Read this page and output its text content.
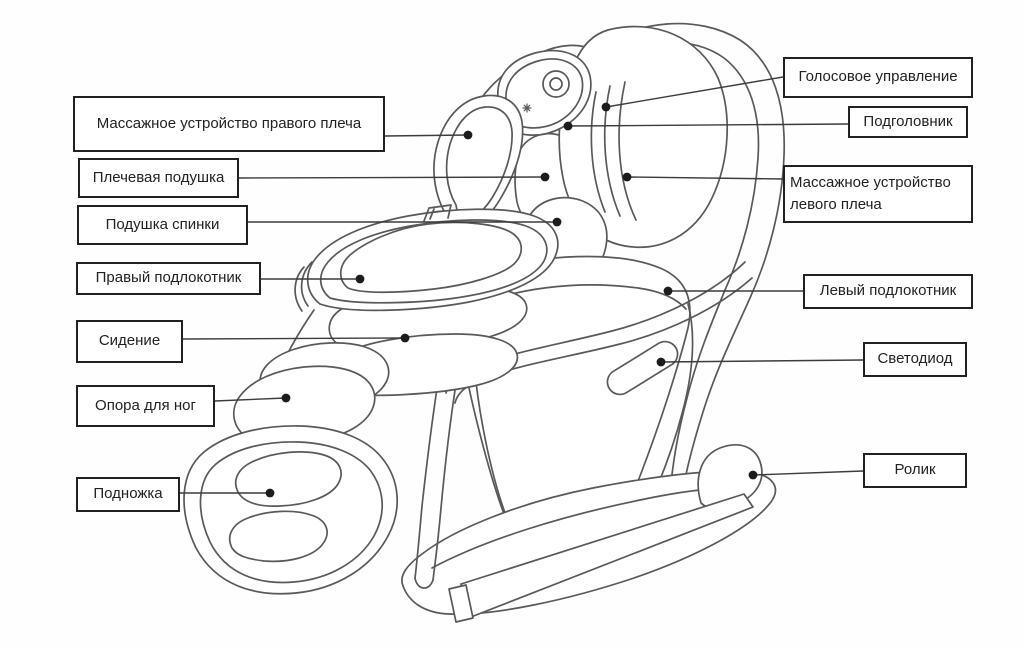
Массажное устройство правого плеча
Плечевая подушка
Подушка спинки
Правый подлокотник
Сидение
Опора для ног
Подножка
Голосовое управление
Подголовник
Массажное устройство левого плеча
Левый подлокотник
Светодиод
Ролик
